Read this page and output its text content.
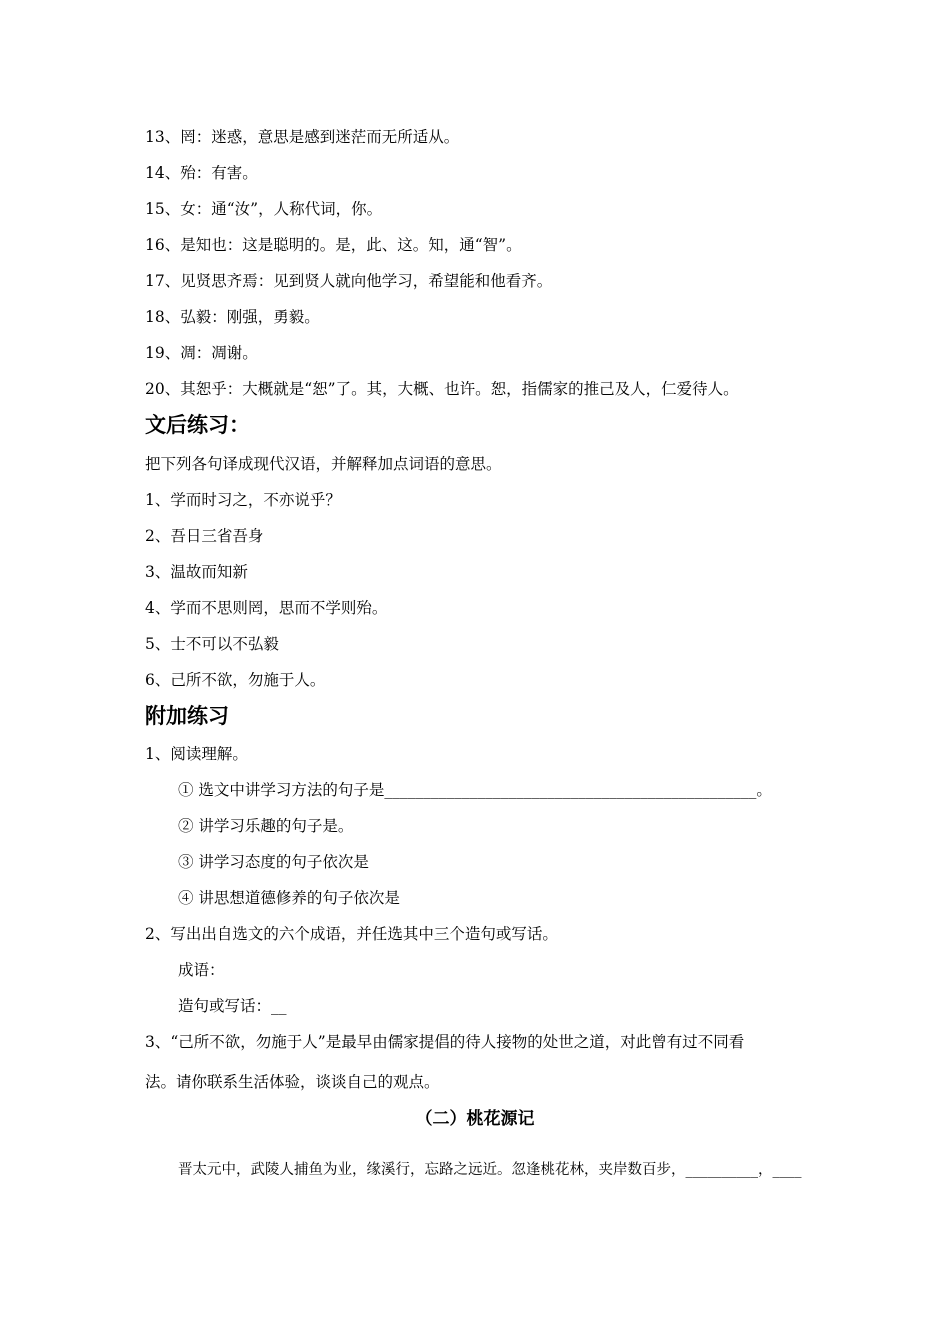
13、罔：迷惑，意思是感到迷茫而无所适从。
14、殆：有害。
15、女：通“汝”，人称代词，你。
16、是知也：这是聪明的。是，此、这。知，通“智”。
17、见贤思齐焉：见到贤人就向他学习，希望能和他看齐。
18、弘毅：刚强，勇毅。
19、凋：凋谢。
20、其恕乎：大概就是“恕”了。其，大概、也许。恕，指儒家的推己及人，仁爱待人。
文后练习：
把下列各句译成现代汉语，并解释加点词语的意思。
1、学而时习之，不亦说乎？
2、吾日三省吾身
3、温故而知新
4、学而不思则罔，思而不学则殆。
5、士不可以不弘毅
6、己所不欲，勿施于人。
附加练习
1、阅读理解。
① 选文中讲学习方法的句子是________________________________________________。
② 讲学习乐趣的句子是。
③ 讲学习态度的句子依次是
④ 讲思想道德修养的句子依次是
2、写出出自选文的六个成语，并任选其中三个造句或写话。
成语：
造句或写话：__
3、“己所不欲，勿施于人”是最早由儒家提倡的待人接物的处世之道，对此曾有过不同看
法。请你联系生活体验，谈谈自己的观点。
（二）桃花源记
晋太元中，武陵人捕鱼为业，缘溪行，忘路之远近。忽逢桃花林，夹岸数百步，__________，____
